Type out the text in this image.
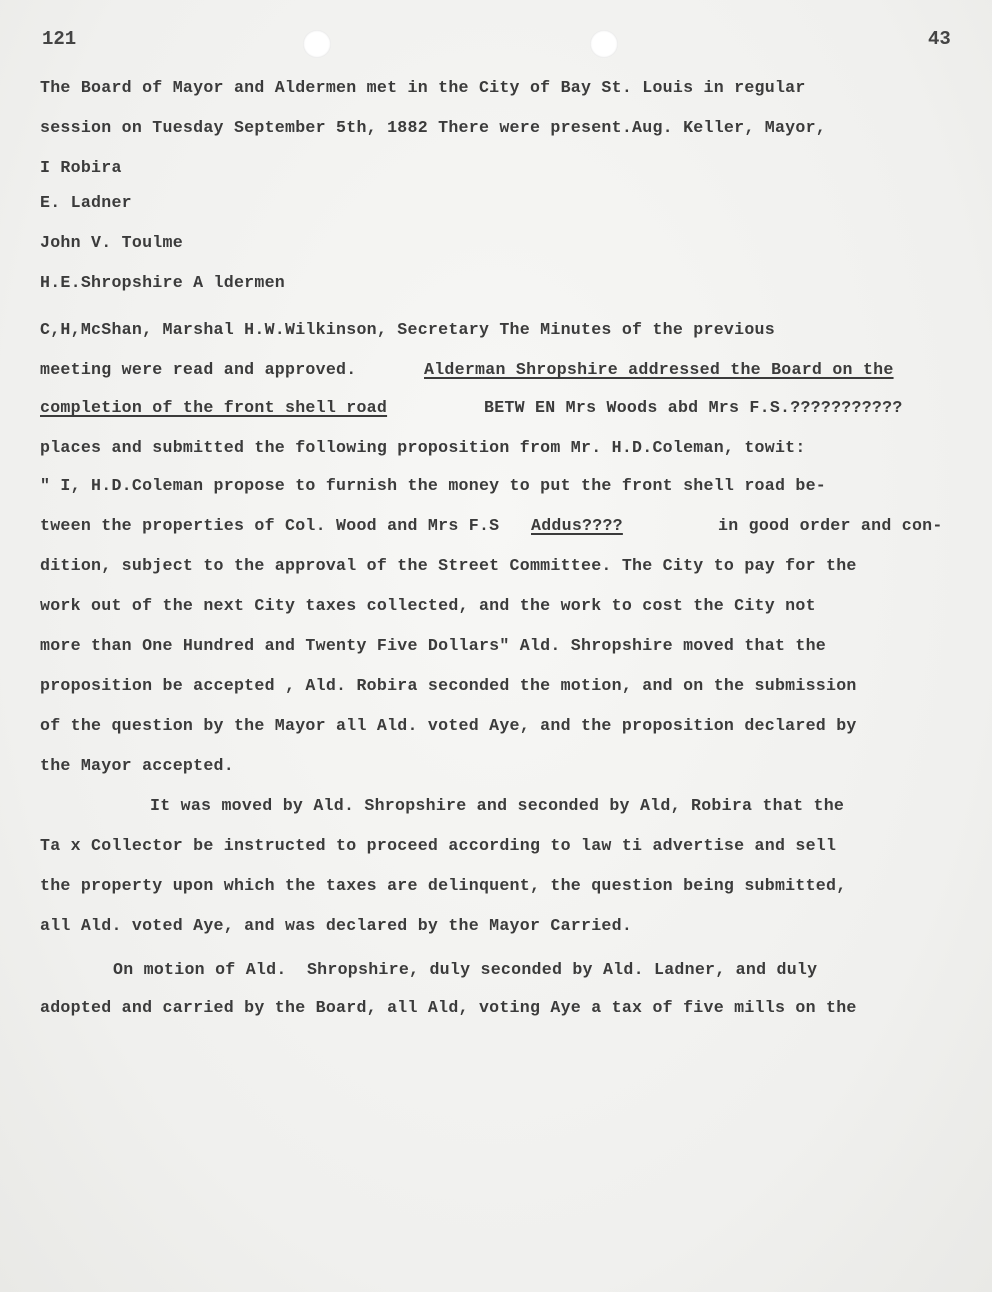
121	43
The Board of Mayor and Aldermen met in the City of Bay St. Louis in regular
session on Tuesday September 5th, 1882 There were present.Aug. Keller, Mayor,
I Robira
E. Ladner
John V. Toulme
H.E.Shropshire A ldermen
C,H,McShan, Marshal H.W.Wilkinson, Secretary The Minutes of the previous
meeting were read and approved.	Alderman Shropshire addressed the Board on the
completion of the front shell road	BETW EN Mrs Woods abd Mrs F.S.???????????
places and submitted the following proposition from Mr. H.D.Coleman, towit:
" I, H.D.Coleman propose to furnish the money to put the front shell road be-
tween the properties of Col. Wood and Mrs F.S Addus????	in good order and con-
dition, subject to the approval of the Street Committee. The City to pay for the
work out of the next City taxes collected, and the work to cost the City not
more than One Hundred and Twenty Five Dollars" Ald. Shropshire moved that the
proposition be accepted , Ald. Robira seconded the motion, and on the submission
of the question by the Mayor all Ald. voted Aye, and the proposition declared by
the Mayor accepted.
It was moved by Ald. Shropshire and seconded by Ald, Robira that the
Ta x Collector be instructed to proceed according to law ti advertise and sell
the property upon which the taxes are delinquent, the question being submitted,
all Ald. voted Aye, and was declared by the Mayor Carried.
On motion of Ald.  Shropshire, duly seconded by Ald. Ladner, and duly
adopted and carried by the Board, all Ald, voting Aye a tax of five mills on the
